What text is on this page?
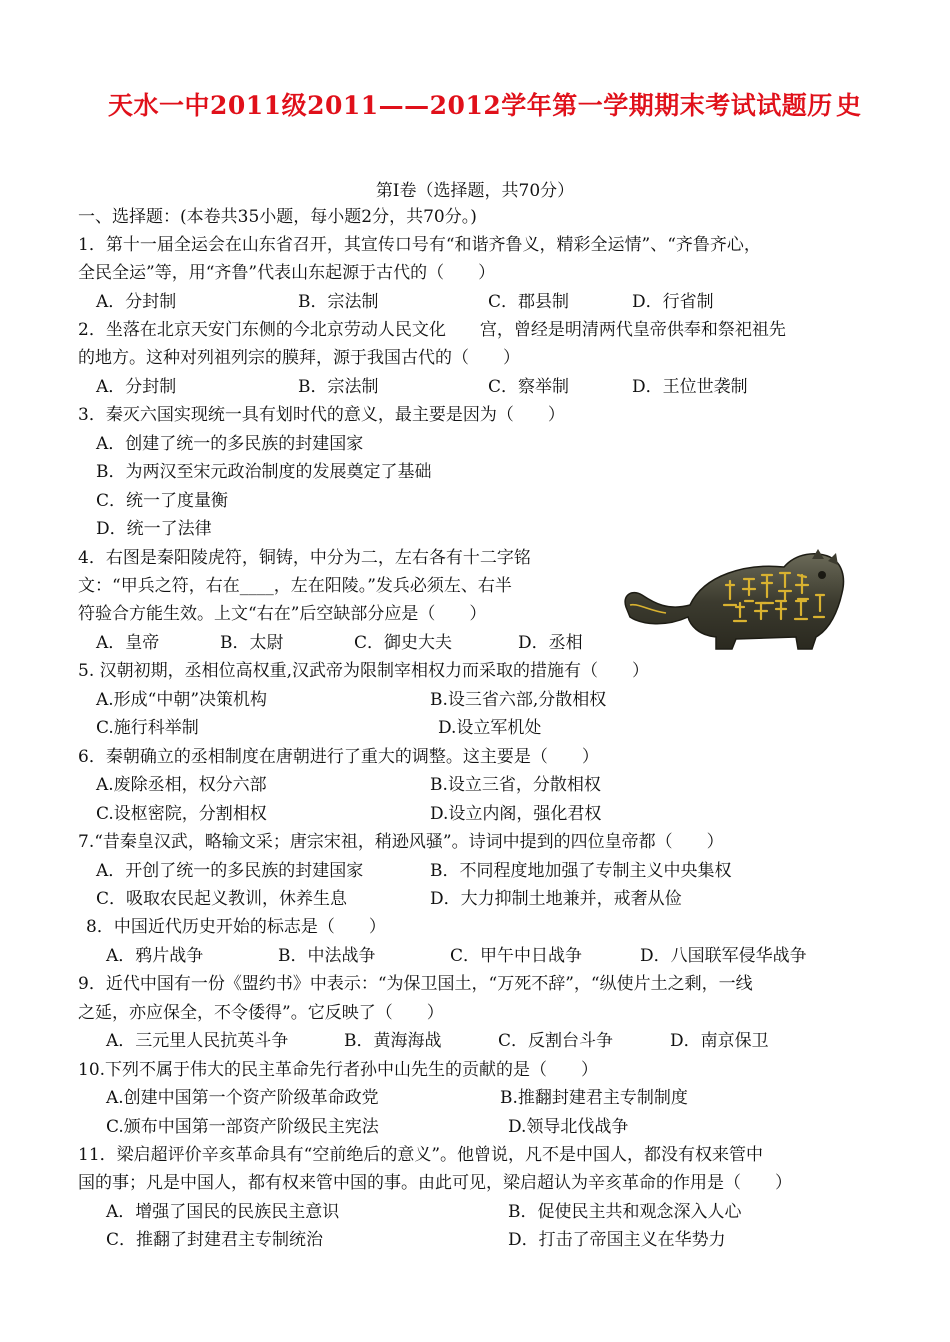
天水一中2011级2011——2012学年第一学期期末考试试题历 史
第Ⅰ卷（选择题，共70分）
一、选择题：(本卷共35小题，每小题2分，共70分。)
1．第十一届全运会在山东省召开，其宣传口号有“和谐齐鲁义，精彩全运情”、“齐鲁齐心，
全民全运”等，用“齐鲁”代表山东起源于古代的（　　）
A．分封制	B．宗法制	C．郡县制	D．行省制
2．坐落在北京天安门东侧的今北京劳动人民文化　　宫，曾经是明清两代皇帝供奉和祭祀祖先
的地方。这种对列祖列宗的膜拜，源于我国古代的（　　）
A．分封制	B．宗法制	C．察举制	D．王位世袭制
3．秦灭六国实现统一具有划时代的意义，最主要是因为（　　）
A．创建了统一的多民族的封建国家
B．为两汉至宋元政治制度的发展奠定了基础
C．统一了度量衡
D．统一了法律
4．右图是秦阳陵虎符，铜铸，中分为二，左右各有十二字铭
文：“甲兵之符，右在____，左在阳陵。”发兵必须左、右半
符验合方能生效。上文“右在”后空缺部分应是（　　）
A．皇帝	B．太尉	C．御史大夫	D．丞相
5. 汉朝初期，丞相位高权重,汉武帝为限制宰相权力而采取的措施有（　　）
A.形成“中朝”决策机构	B.设三省六部,分散相权
C.施行科举制	D.设立军机处
6．秦朝确立的丞相制度在唐朝进行了重大的调整。这主要是（　　）
A.废除丞相，权分六部	B.设立三省，分散相权
C.设枢密院，分割相权	D.设立内阁，强化君权
7.“昔秦皇汉武，略输文采；唐宗宋祖，稍逊风骚”。诗词中提到的四位皇帝都（　　）
A．开创了统一的多民族的封建国家	B．不同程度地加强了专制主义中央集权
C．吸取农民起义教训，休养生息	D．大力抑制土地兼并，戒奢从俭
8．中国近代历史开始的标志是（　　）
A．鸦片战争	B．中法战争	C．甲午中日战争	D．八国联军侵华战争
9．近代中国有一份《盟约书》中表示：“为保卫国土，“万死不辞”，“纵使片土之剩，一线
之延，亦应保全，不令倭得”。它反映了（　　）
A．三元里人民抗英斗争	B．黄海海战	C．反割台斗争	D．南京保卫
10.下列不属于伟大的民主革命先行者孙中山先生的贡献的是（　　）
A.创建中国第一个资产阶级革命政党	B.推翻封建君主专制制度
C.颁布中国第一部资产阶级民主宪法	D.领导北伐战争
11．梁启超评价辛亥革命具有“空前绝后的意义”。他曾说，凡不是中国人，都没有权来管中
国的事；凡是中国人，都有权来管中国的事。由此可见，梁启超认为辛亥革命的作用是（　　）
A．增强了国民的民族民主意识	B．促使民主共和观念深入人心
C．推翻了封建君主专制统治	D．打击了帝国主义在华势力
